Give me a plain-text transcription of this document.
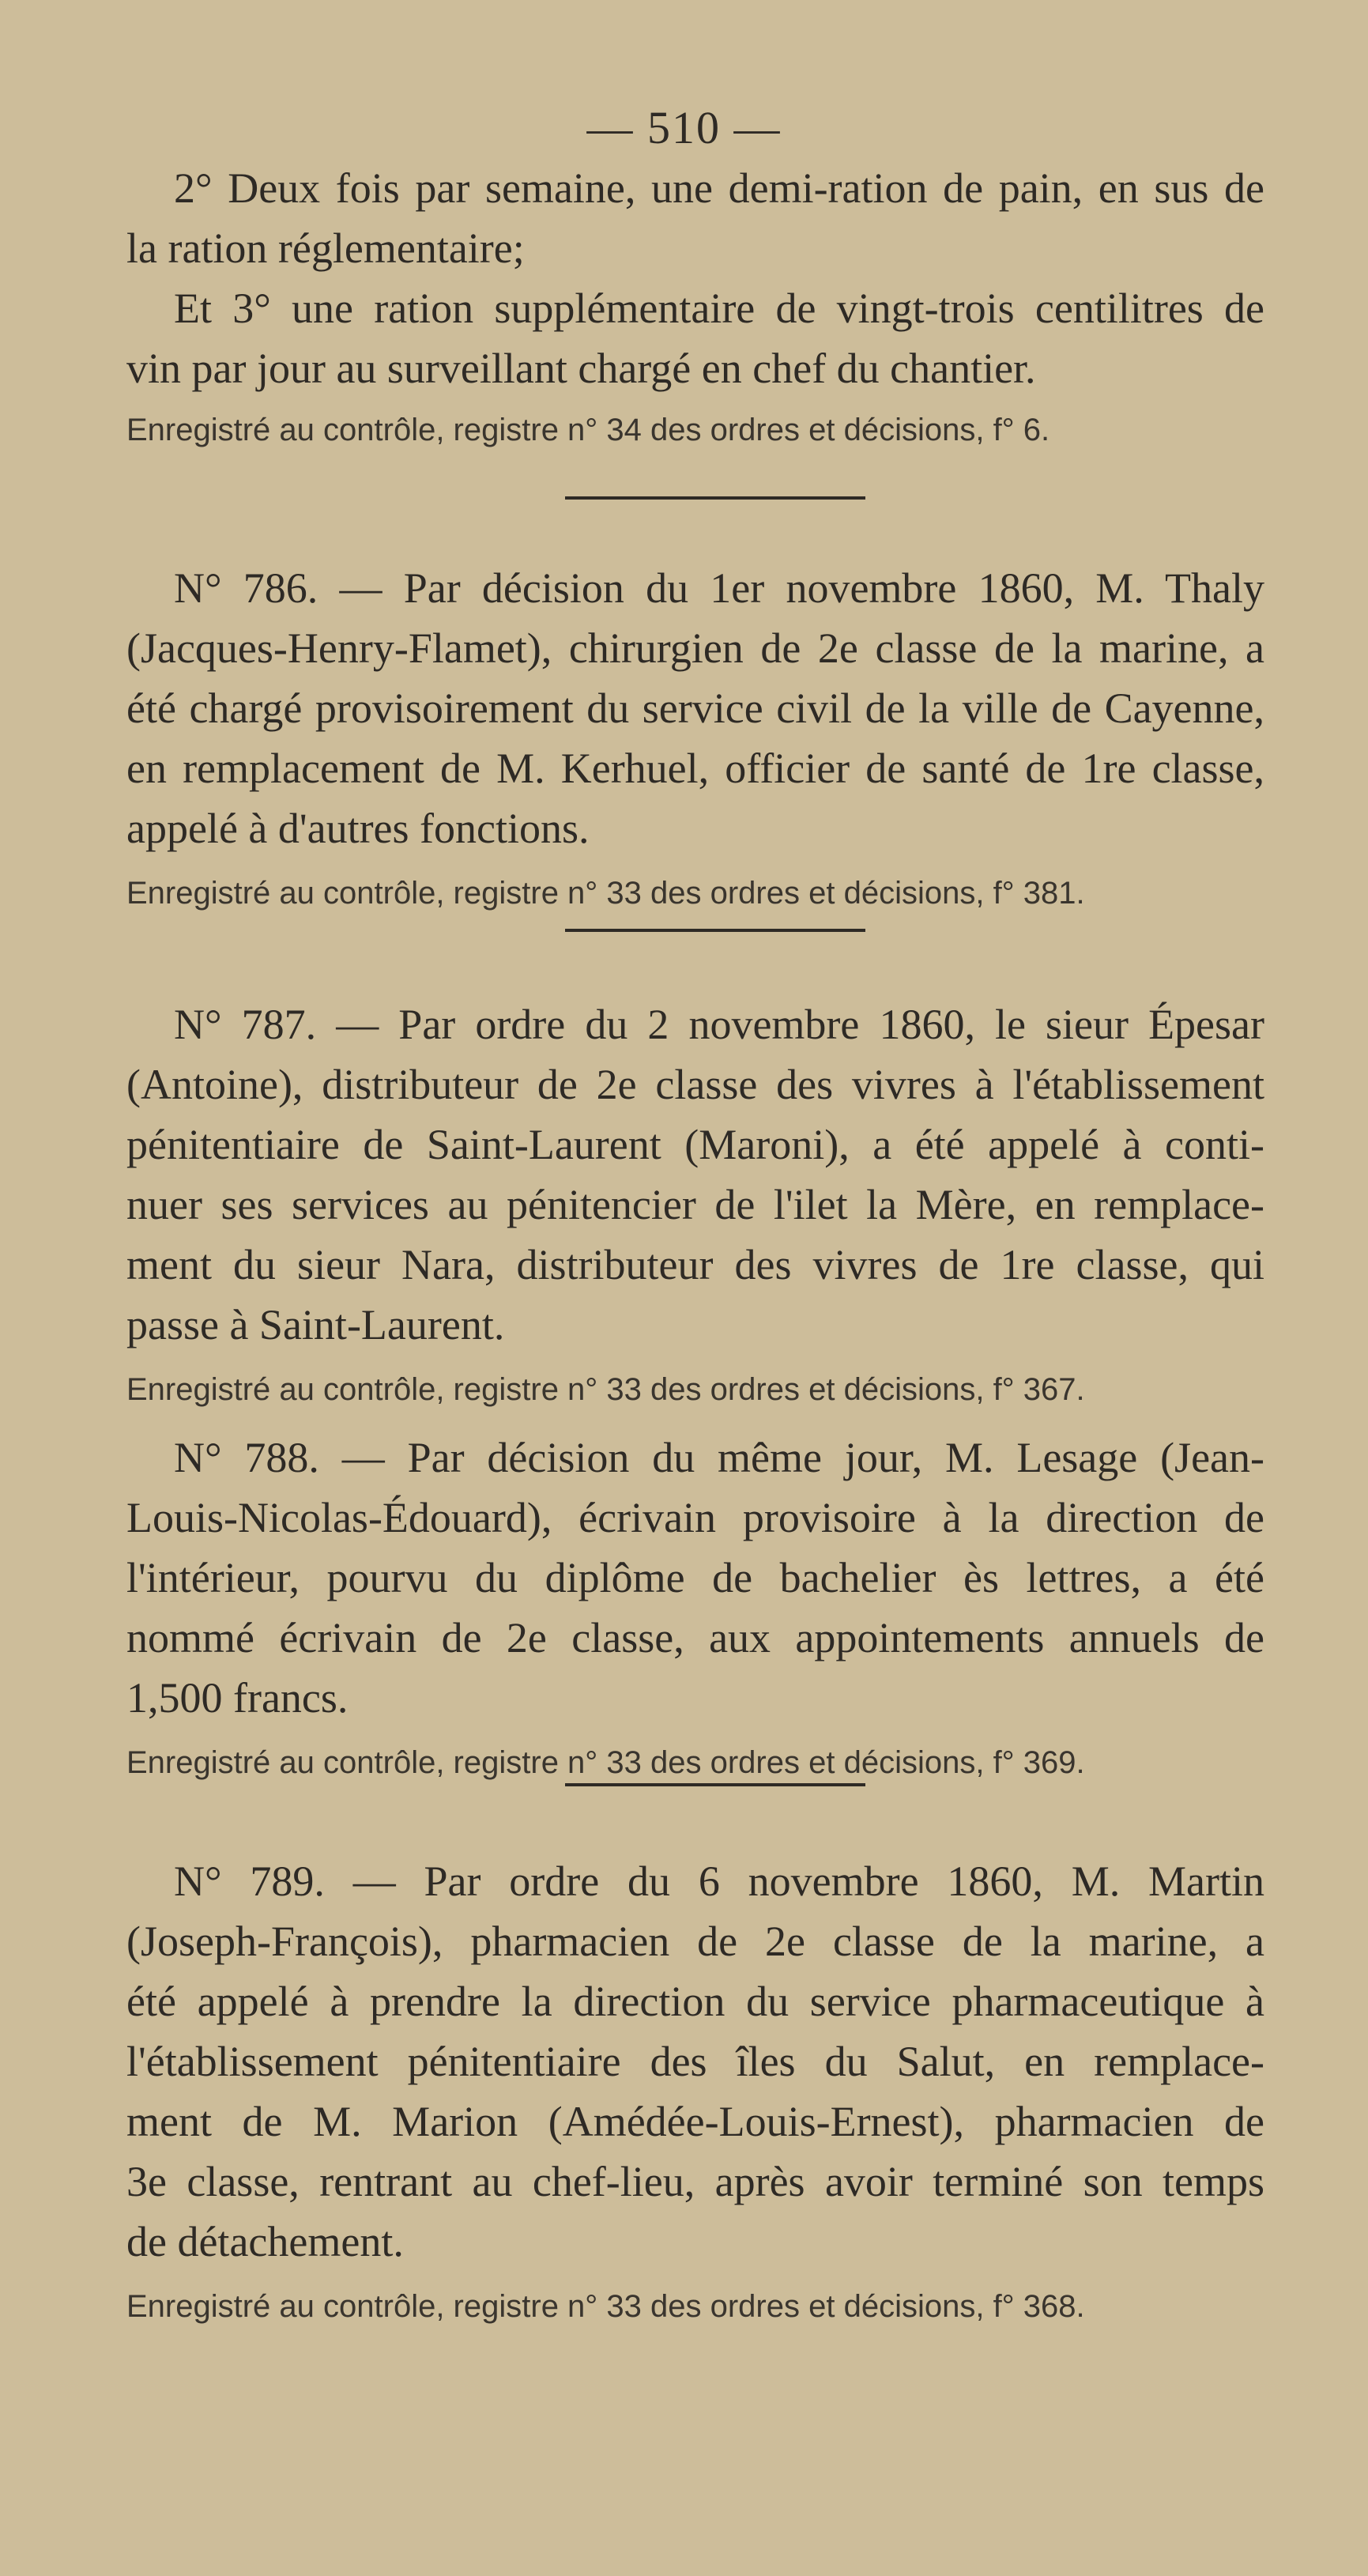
— 510 —
2° Deux fois par semaine, une demi-ration de pain, en sus de
la ration réglementaire;
Et 3° une ration supplémentaire de vingt-trois centilitres de
vin par jour au surveillant chargé en chef du chantier.
Enregistré au contrôle, registre n° 34 des ordres et décisions, f° 6.
N° 786. — Par décision du 1er novembre 1860, M. Thaly
(Jacques-Henry-Flamet), chirurgien de 2e classe de la marine, a
été chargé provisoirement du service civil de la ville de Cayenne,
en remplacement de M. Kerhuel, officier de santé de 1re classe,
appelé à d'autres fonctions.
Enregistré au contrôle, registre n° 33 des ordres et décisions, f° 381.
N° 787. — Par ordre du 2 novembre 1860, le sieur Épesar
(Antoine), distributeur de 2e classe des vivres à l'établissement
pénitentiaire de Saint-Laurent (Maroni), a été appelé à conti-
nuer ses services au pénitencier de l'ilet la Mère, en remplace-
ment du sieur Nara, distributeur des vivres de 1re classe, qui
passe à Saint-Laurent.
Enregistré au contrôle, registre n° 33 des ordres et décisions, f° 367.
N° 788. — Par décision du même jour, M. Lesage (Jean-
Louis-Nicolas-Édouard), écrivain provisoire à la direction de
l'intérieur, pourvu du diplôme de bachelier ès lettres, a été
nommé écrivain de 2e classe, aux appointements annuels de
1,500 francs.
Enregistré au contrôle, registre n° 33 des ordres et décisions, f° 369.
N° 789. — Par ordre du 6 novembre 1860, M. Martin
(Joseph-François), pharmacien de 2e classe de la marine, a
été appelé à prendre la direction du service pharmaceutique à
l'établissement pénitentiaire des îles du Salut, en remplace-
ment de M. Marion (Amédée-Louis-Ernest), pharmacien de
3e classe, rentrant au chef-lieu, après avoir terminé son temps
de détachement.
Enregistré au contrôle, registre n° 33 des ordres et décisions, f° 368.
